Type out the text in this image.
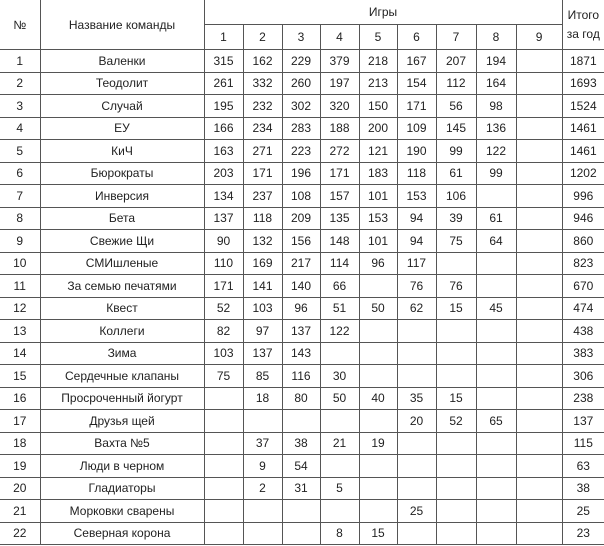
№	Название команды	Игры									Итого
за год

		1	2	3	4	5	6	7	8	9	
1	Валенки	315	162	229	379	218	167	207	194		1871
2	Теодолит	261	332	260	197	213	154	112	164		1693
3	Случай	195	232	302	320	150	171	56	98		1524
4	ЕУ	166	234	283	188	200	109	145	136		1461
5	КиЧ	163	271	223	272	121	190	99	122		1461
6	Бюрократы	203	171	196	171	183	118	61	99		1202
7	Инверсия	134	237	108	157	101	153	106			996
8	Бета	137	118	209	135	153	94	39	61		946
9	Свежие Щи	90	132	156	148	101	94	75	64		860
10	СМИшленые	110	169	217	114	96	117				823
11	За семью печатями	171	141	140	66		76	76			670
12	Квест	52	103	96	51	50	62	15	45		474
13	Коллеги	82	97	137	122						438
14	Зима	103	137	143							383
15	Сердечные клапаны	75	85	116	30						306
16	Просроченный йогурт		18	80	50	40	35	15			238
17	Друзья щей						20	52	65		137
18	Вахта №5		37	38	21	19					115
19	Люди в черном		9	54							63
20	Гладиаторы		2	31	5						38
21	Морковки сварены						25				25
22	Северная корона				8	15					23
